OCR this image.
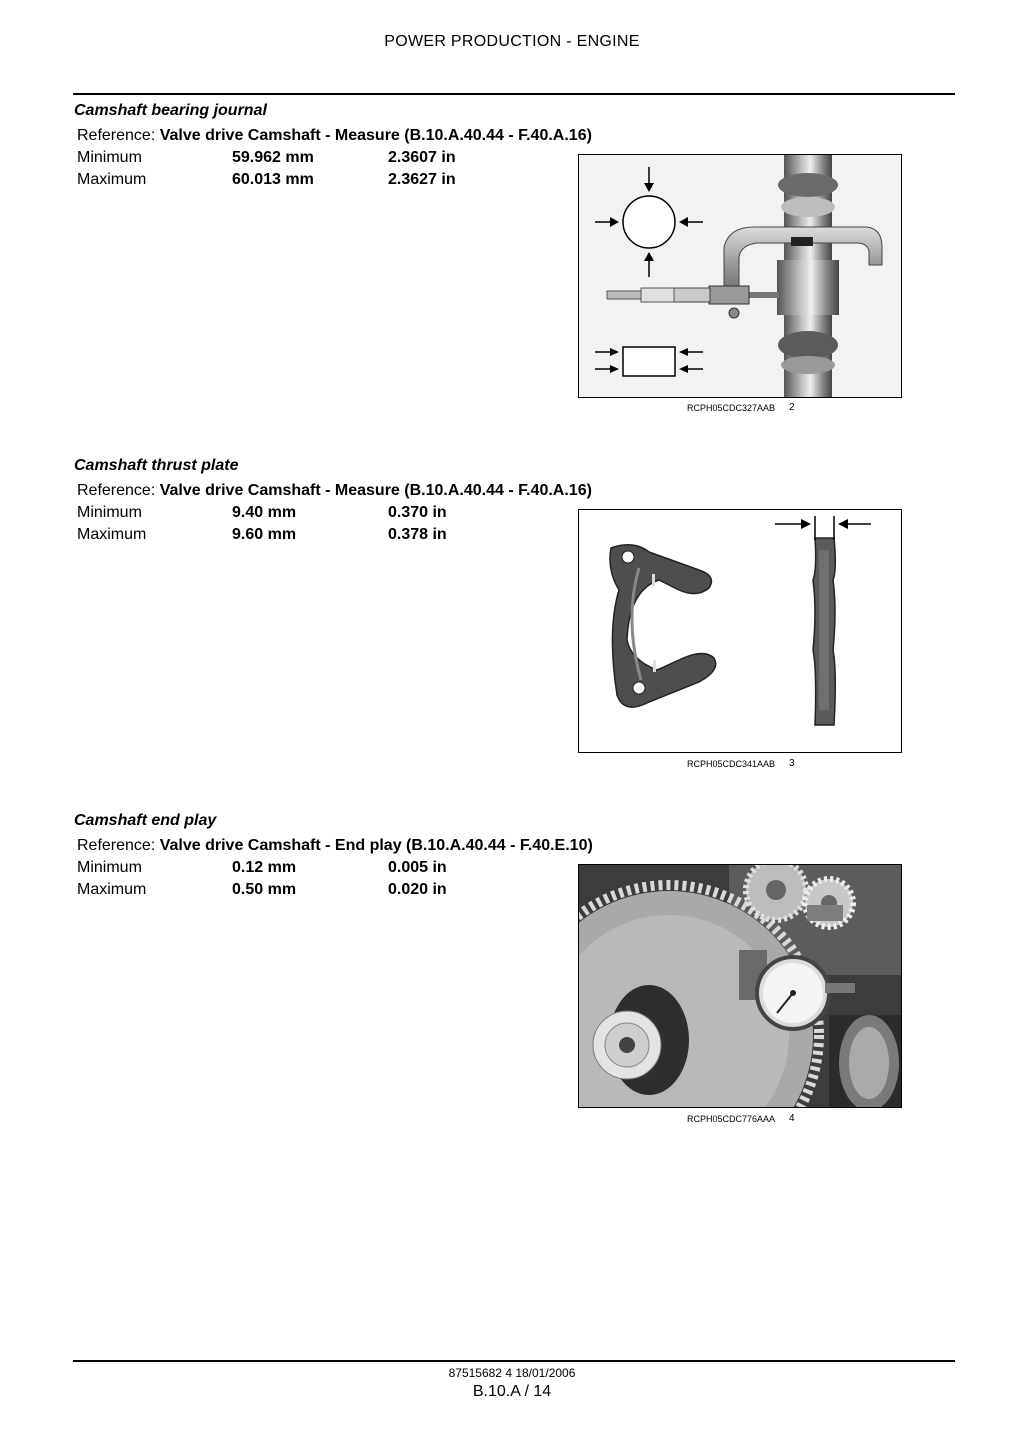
POWER PRODUCTION - ENGINE
Camshaft bearing journal
Reference: Valve drive Camshaft - Measure (B.10.A.40.44 - F.40.A.16)
Minimum	59.962 mm	2.3607 in
Maximum	60.013 mm	2.3627 in
RCPH05CDC327AAB 2
Camshaft thrust plate
Reference: Valve drive Camshaft - Measure (B.10.A.40.44 - F.40.A.16)
Minimum	9.40 mm	0.370 in
Maximum	9.60 mm	0.378 in
RCPH05CDC341AAB 3
Camshaft end play
Reference: Valve drive Camshaft - End play (B.10.A.40.44 - F.40.E.10)
Minimum	0.12 mm	0.005 in
Maximum	0.50 mm	0.020 in
RCPH05CDC776AAA 4
87515682 4 18/01/2006
B.10.A / 14
